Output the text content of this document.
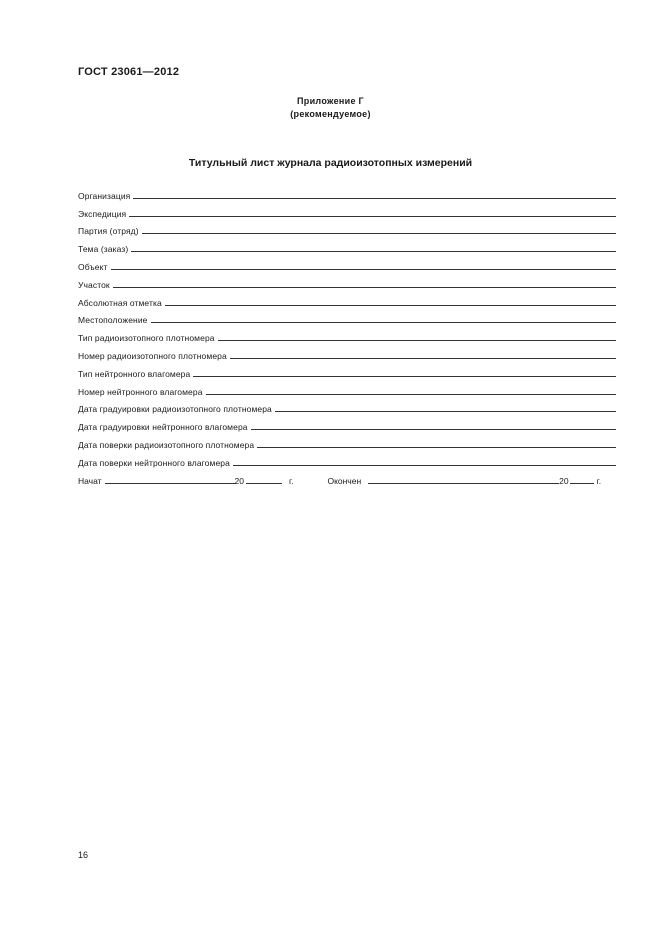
ГОСТ 23061—2012
Приложение Г
(рекомендуемое)
Титульный лист журнала радиоизотопных измерений
Организация
Экспедиция
Партия (отряд)
Тема (заказ)
Объект
Участок
Абсолютная отметка
Местоположение
Тип радиоизотопного плотномера
Номер радиоизотопного плотномера
Тип нейтронного влагомера
Номер нейтронного влагомера
Дата градуировки радиоизотопного плотномера
Дата градуировки нейтронного влагомера
Дата поверки радиоизотопного плотномера
Дата поверки нейтронного влагомера
Начат	20	г.	Окончен	20	г.
16
